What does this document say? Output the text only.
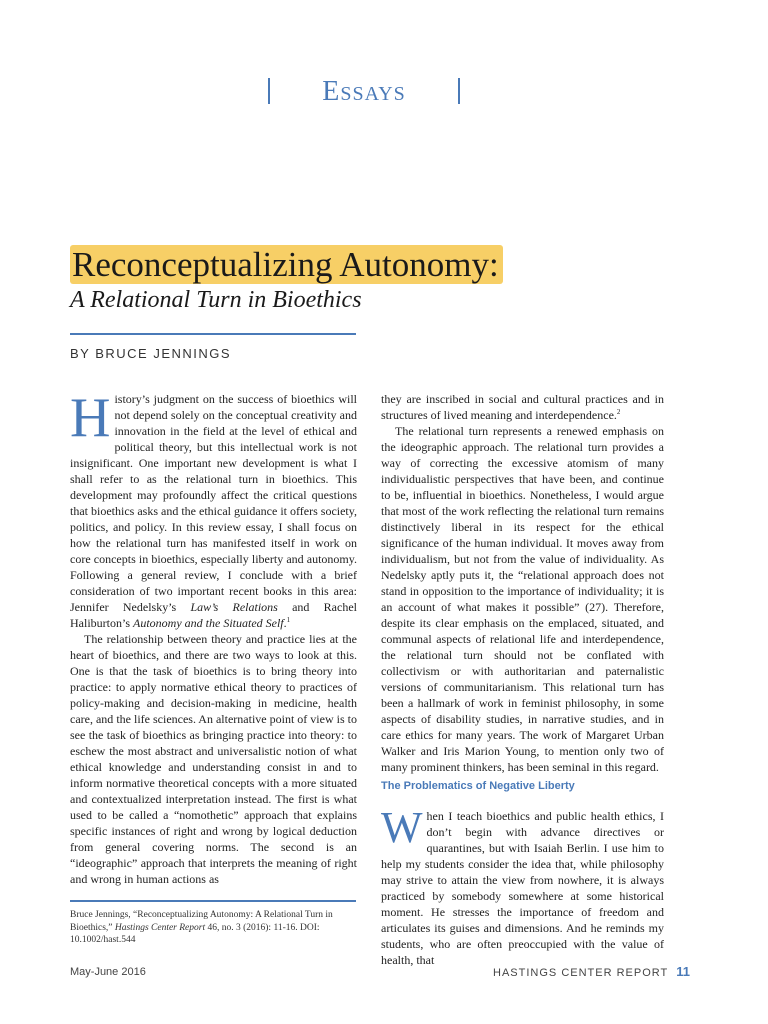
Essays
Reconceptualizing Autonomy:
A Relational Turn in Bioethics
BY BRUCE JENNINGS

History’s judgment on the success of bioethics will not depend solely on the conceptual creativity and innovation in the field at the level of ethical and political theory, but this intellectual work is not insignificant. One important new development is what I shall refer to as the relational turn in bioethics. This development may profoundly affect the critical questions that bioethics asks and the ethical guidance it offers society, politics, and policy. In this review essay, I shall focus on how the relational turn has manifested itself in work on core concepts in bioethics, especially liberty and autonomy. Following a general review, I conclude with a brief consideration of two important recent books in this area: Jennifer Nedelsky’s Law’s Relations and Rachel Haliburton’s Autonomy and the Situated Self.$^1$

The relationship between theory and practice lies at the heart of bioethics, and there are two ways to look at this. One is that the task of bioethics is to bring theory into practice: to apply normative ethical theory to practices of policy-making and decision-making in medicine, health care, and the life sciences. An alternative point of view is to see the task of bioethics as bringing practice into theory: to eschew the most abstract and universalistic notion of what ethical knowledge and understanding consist in and to inform normative theoretical concepts with a more situated and contextualized interpretation instead. The first is what used to be called a “nomothetic” approach that explains specific instances of right and wrong by logical deduction from general covering norms. The second is an “ideographic” approach that interprets the meaning of right and wrong in human actions as

they are inscribed in social and cultural practices and in structures of lived meaning and interdependence.$^2$

The relational turn represents a renewed emphasis on the ideographic approach. The relational turn provides a way of correcting the excessive atomism of many individualistic perspectives that have been, and continue to be, influential in bioethics. Nonetheless, I would argue that most of the work reflecting the relational turn remains distinctively liberal in its respect for the ethical significance of the human individual. It moves away from individualism, but not from the value of individuality. As Nedelsky aptly puts it, the “relational approach does not stand in opposition to the importance of individuality; it is an account of what makes it possible” (27). Therefore, despite its clear emphasis on the emplaced, situated, and communal aspects of relational life and interdependence, the relational turn should not be conflated with collectivism or with authoritarian and paternalistic versions of communitarianism. This relational turn has been a hallmark of work in feminist philosophy, in some aspects of disability studies, in narrative studies, and in care ethics for many years. The work of Margaret Urban Walker and Iris Marion Young, to mention only two of many prominent thinkers, has been seminal in this regard.

The Problematics of Negative Liberty

When I teach bioethics and public health ethics, I don’t begin with advance directives or quarantines, but with Isaiah Berlin. I use him to help my students consider the idea that, while philosophy may strive to attain the view from nowhere, it is always practiced by somebody somewhere at some historical moment. He stresses the importance of freedom and articulates its guises and dimensions. And he reminds my students, who are often preoccupied with the value of health, that

Bruce Jennings, “Reconceptualizing Autonomy: A Relational Turn in Bioethics,” Hastings Center Report 46, no. 3 (2016): 11-16. DOI: 10.1002/hast.544
May-June 2016	HASTINGS CENTER REPORT 11
